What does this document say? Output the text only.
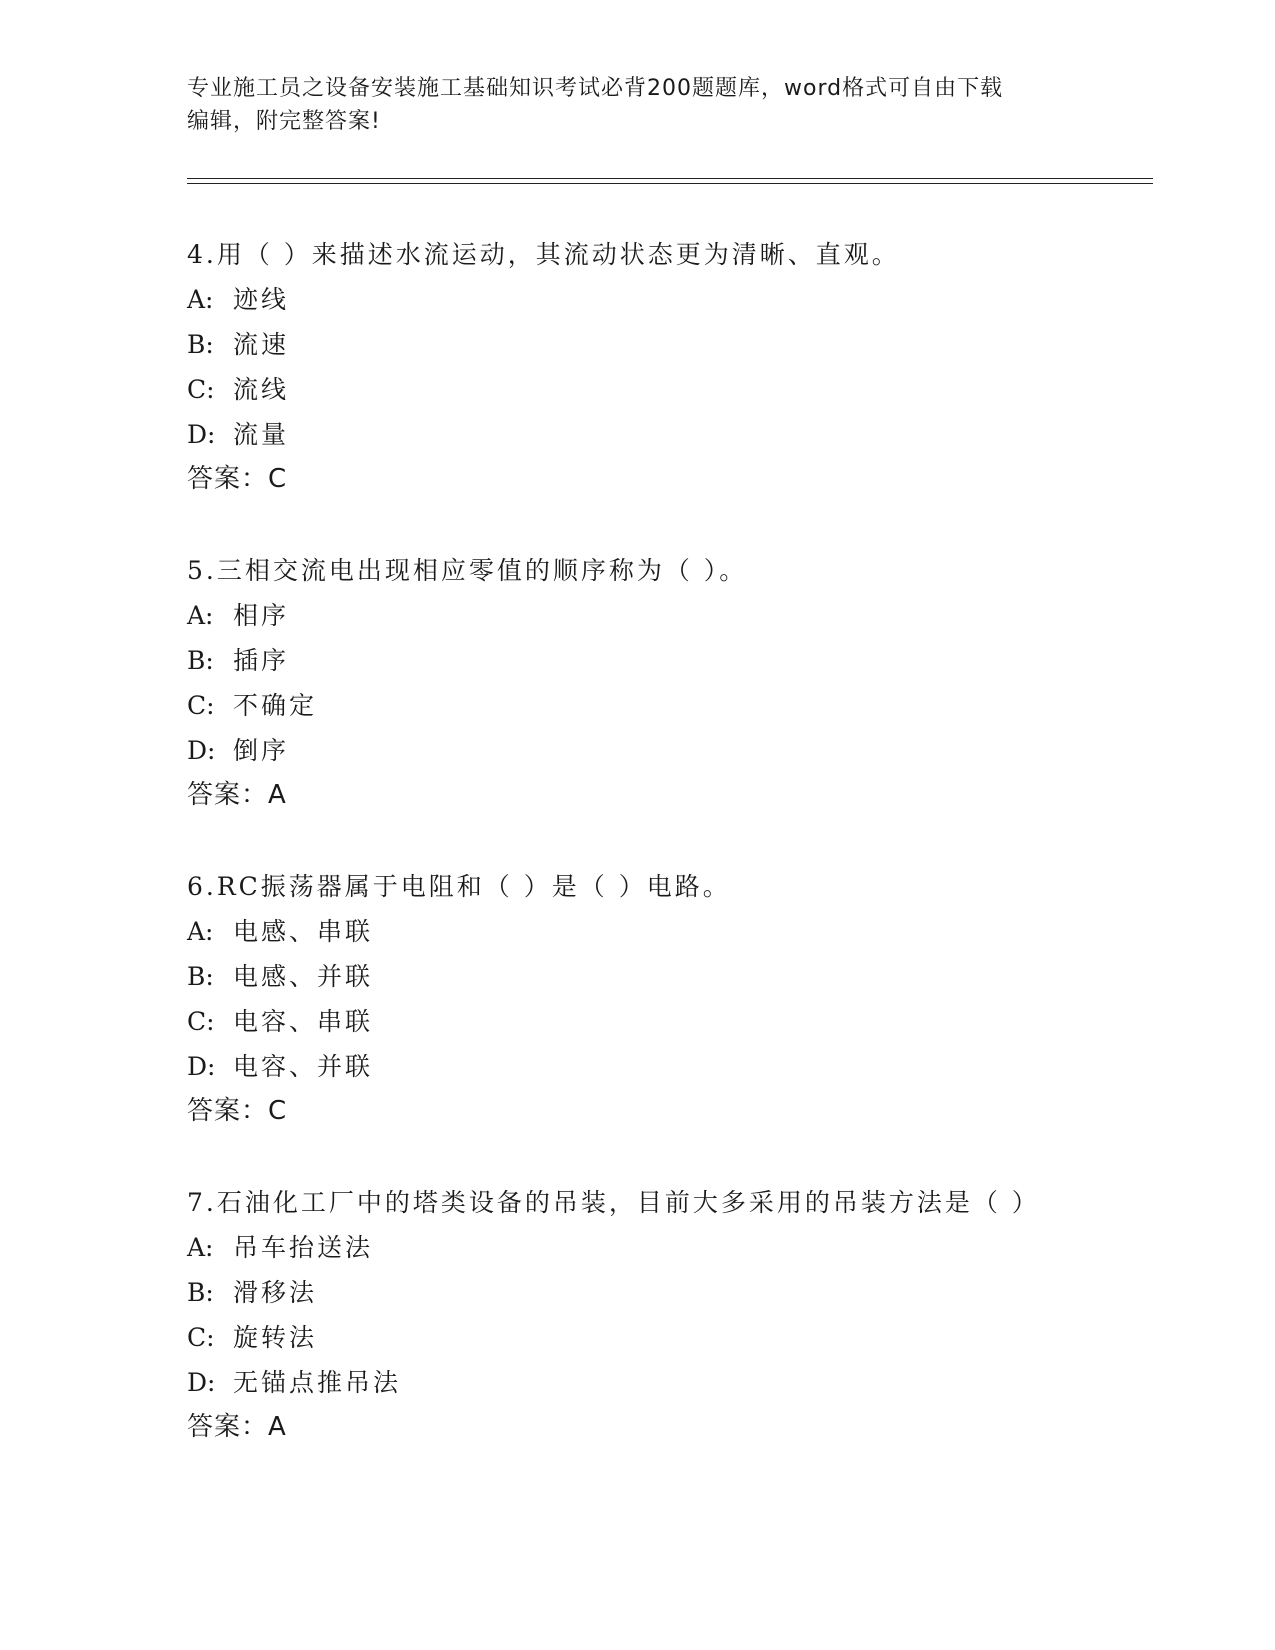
专业施工员之设备安装施工基础知识考试必背200题题库，word格式可自由下载
编辑，附完整答案!
4.用（ ）来描述水流运动，其流动状态更为清晰、直观。
A: 迹线
B: 流速
C: 流线
D: 流量
答案：C
5.三相交流电出现相应零值的顺序称为（ ）。
A: 相序
B: 插序
C: 不确定
D: 倒序
答案：A
6.RC振荡器属于电阻和（ ）是（ ）电路。
A: 电感、串联
B: 电感、并联
C: 电容、串联
D: 电容、并联
答案：C
7.石油化工厂中的塔类设备的吊装，目前大多采用的吊装方法是（ ）
A: 吊车抬送法
B: 滑移法
C: 旋转法
D: 无锚点推吊法
答案：A
